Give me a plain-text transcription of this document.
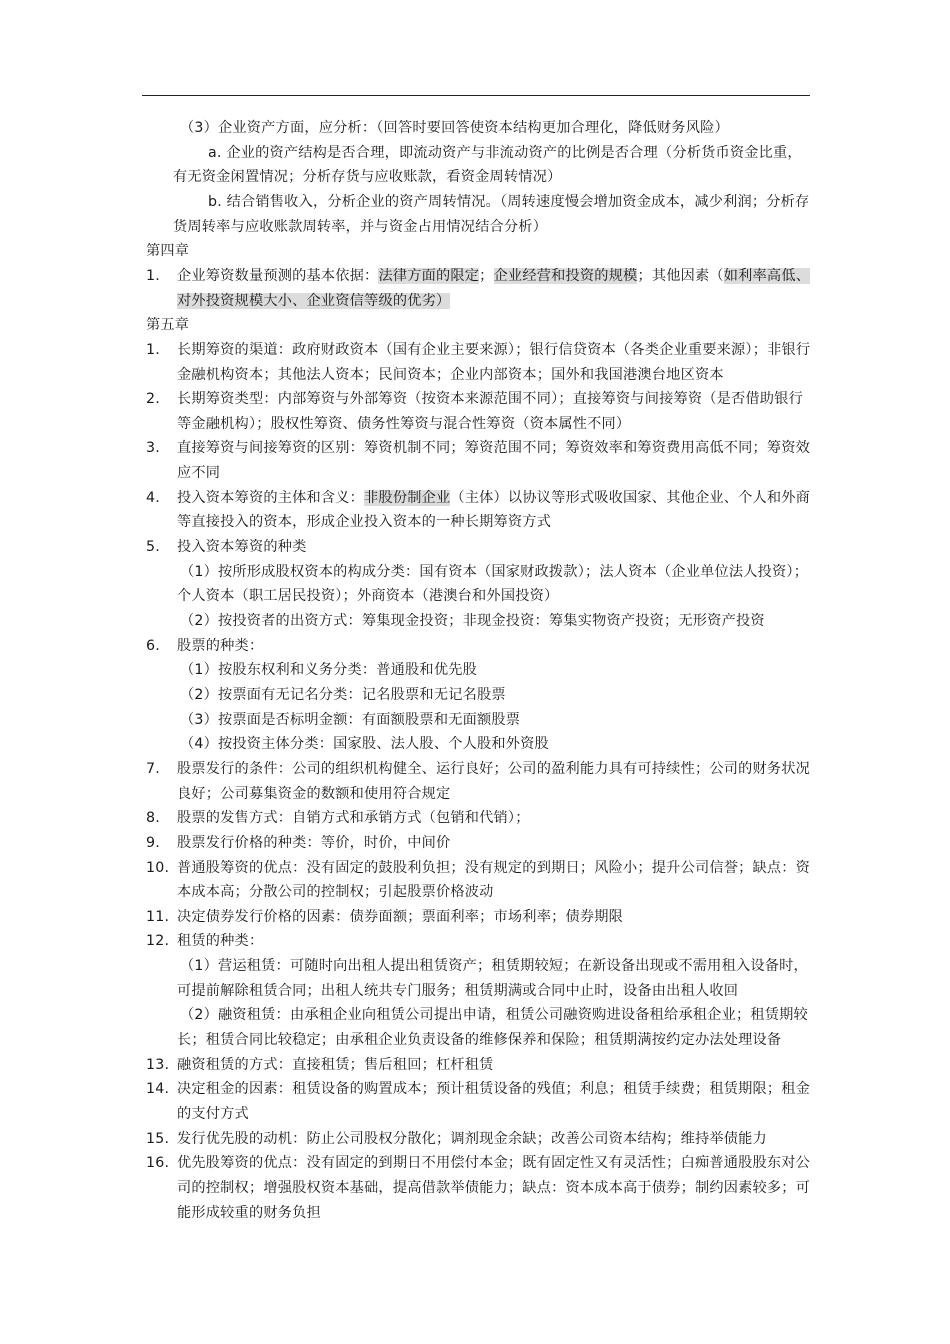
（3）企业资产方面，应分析：（回答时要回答使资本结构更加合理化，降低财务风险）
a. 企业的资产结构是否合理，即流动资产与非流动资产的比例是否合理（分析货币资金比重，
有无资金闲置情况；分析存货与应收账款，看资金周转情况）
b. 结合销售收入，分析企业的资产周转情况。（周转速度慢会增加资金成本，减少利润；分析存
货周转率与应收账款周转率，并与资金占用情况结合分析）
第四章
1. 企业筹资数量预测的基本依据：法律方面的限定；企业经营和投资的规模；其他因素（如利率高低、
对外投资规模大小、企业资信等级的优劣）
第五章
1. 长期筹资的渠道：政府财政资本（国有企业主要来源）；银行信贷资本（各类企业重要来源）；非银行
金融机构资本；其他法人资本；民间资本；企业内部资本；国外和我国港澳台地区资本
2. 长期筹资类型：内部筹资与外部筹资（按资本来源范围不同）；直接筹资与间接筹资（是否借助银行
等金融机构）；股权性筹资、债务性筹资与混合性筹资（资本属性不同）
3. 直接筹资与间接筹资的区别：筹资机制不同；筹资范围不同；筹资效率和筹资费用高低不同；筹资效
应不同
4. 投入资本筹资的主体和含义：非股份制企业（主体）以协议等形式吸收国家、其他企业、个人和外商
等直接投入的资本，形成企业投入资本的一种长期筹资方式
5. 投入资本筹资的种类
（1）按所形成股权资本的构成分类：国有资本（国家财政拨款）；法人资本（企业单位法人投资）；
个人资本（职工居民投资）；外商资本（港澳台和外国投资）
（2）按投资者的出资方式：筹集现金投资；非现金投资：筹集实物资产投资；无形资产投资
6. 股票的种类：
（1）按股东权利和义务分类：普通股和优先股
（2）按票面有无记名分类：记名股票和无记名股票
（3）按票面是否标明金额：有面额股票和无面额股票
（4）按投资主体分类：国家股、法人股、个人股和外资股
7. 股票发行的条件：公司的组织机构健全、运行良好；公司的盈利能力具有可持续性；公司的财务状况
良好；公司募集资金的数额和使用符合规定
8. 股票的发售方式：自销方式和承销方式（包销和代销）；
9. 股票发行价格的种类：等价，时价，中间价
10. 普通股筹资的优点：没有固定的鼓股利负担；没有规定的到期日；风险小；提升公司信誉；缺点：资
本成本高；分散公司的控制权；引起股票价格波动
11. 决定债券发行价格的因素：债券面额；票面利率；市场利率；债券期限
12. 租赁的种类：
（1）营运租赁：可随时向出租人提出租赁资产；租赁期较短；在新设备出现或不需用租入设备时，
可提前解除租赁合同；出租人统共专门服务；租赁期满或合同中止时，设备由出租人收回
（2）融资租赁：由承租企业向租赁公司提出申请，租赁公司融资购进设备租给承租企业；租赁期较
长；租赁合同比较稳定；由承租企业负责设备的维修保养和保险；租赁期满按约定办法处理设备
13. 融资租赁的方式：直接租赁；售后租回；杠杆租赁
14. 决定租金的因素：租赁设备的购置成本；预计租赁设备的残值；利息；租赁手续费；租赁期限；租金
的支付方式
15. 发行优先股的动机：防止公司股权分散化；调剂现金余缺；改善公司资本结构；维持举债能力
16. 优先股筹资的优点：没有固定的到期日不用偿付本金；既有固定性又有灵活性；白痴普通股股东对公
司的控制权；增强股权资本基础，提高借款举债能力；缺点：资本成本高于债券；制约因素较多；可
能形成较重的财务负担
